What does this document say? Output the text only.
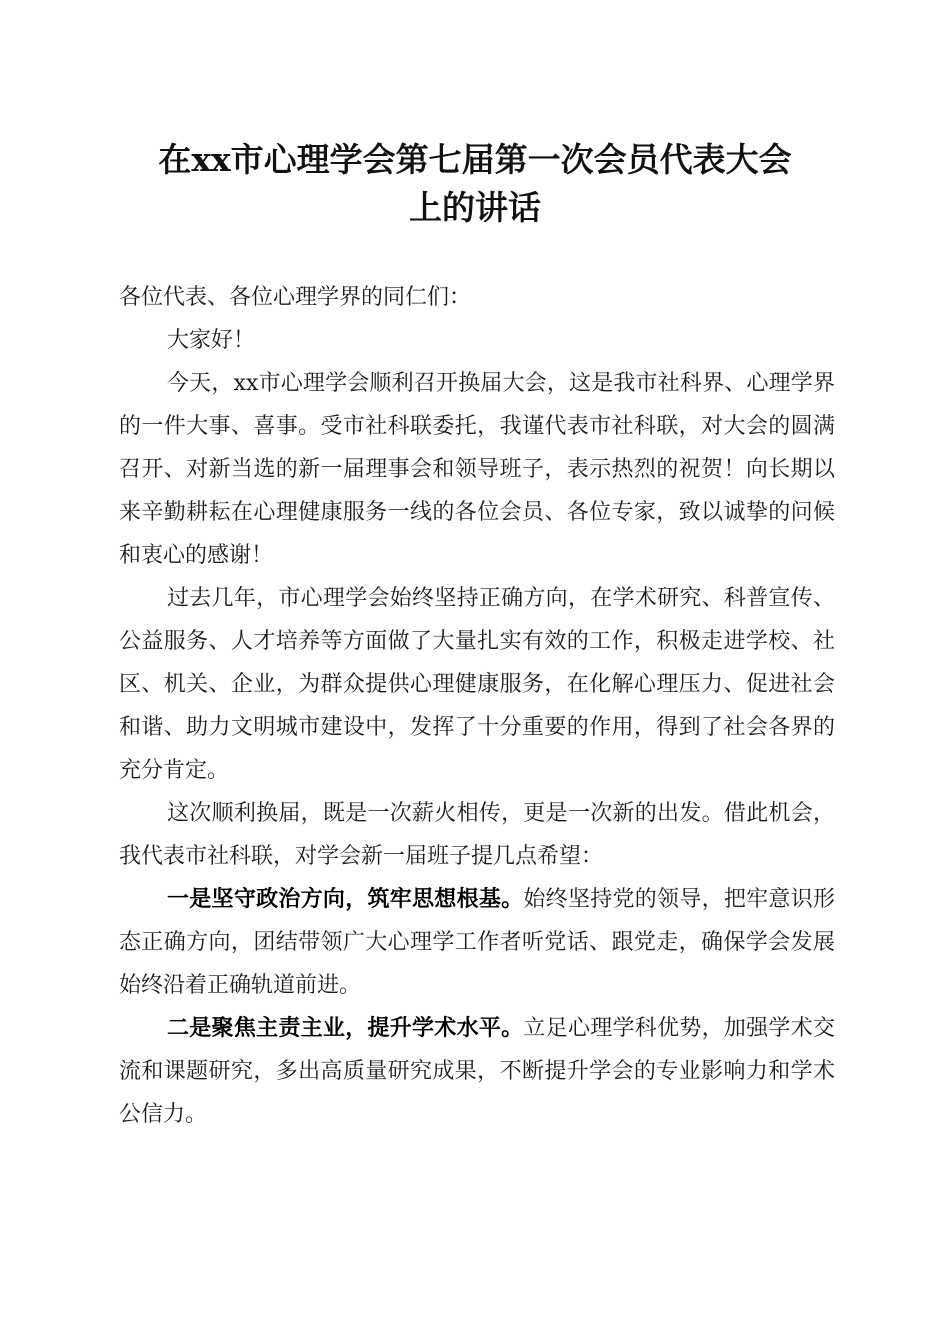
在xx市心理学会第七届第一次会员代表大会
上的讲话

各位代表、各位心理学界的同仁们：

大家好！

今天，xx市心理学会顺利召开换届大会，这是我市社科界、心理学界的一件大事、喜事。受市社科联委托，我谨代表市社科联，对大会的圆满召开、对新当选的新一届理事会和领导班子，表示热烈的祝贺！向长期以来辛勤耕耘在心理健康服务一线的各位会员、各位专家，致以诚挚的问候和衷心的感谢！

过去几年，市心理学会始终坚持正确方向，在学术研究、科普宣传、公益服务、人才培养等方面做了大量扎实有效的工作，积极走进学校、社区、机关、企业，为群众提供心理健康服务，在化解心理压力、促进社会和谐、助力文明城市建设中，发挥了十分重要的作用，得到了社会各界的充分肯定。

这次顺利换届，既是一次薪火相传，更是一次新的出发。借此机会，我代表市社科联，对学会新一届班子提几点希望：

一是坚守政治方向，筑牢思想根基。始终坚持党的领导，把牢意识形态正确方向，团结带领广大心理学工作者听党话、跟党走，确保学会发展始终沿着正确轨道前进。

二是聚焦主责主业，提升学术水平。立足心理学科优势，加强学术交流和课题研究，多出高质量研究成果，不断提升学会的专业影响力和学术公信力。
